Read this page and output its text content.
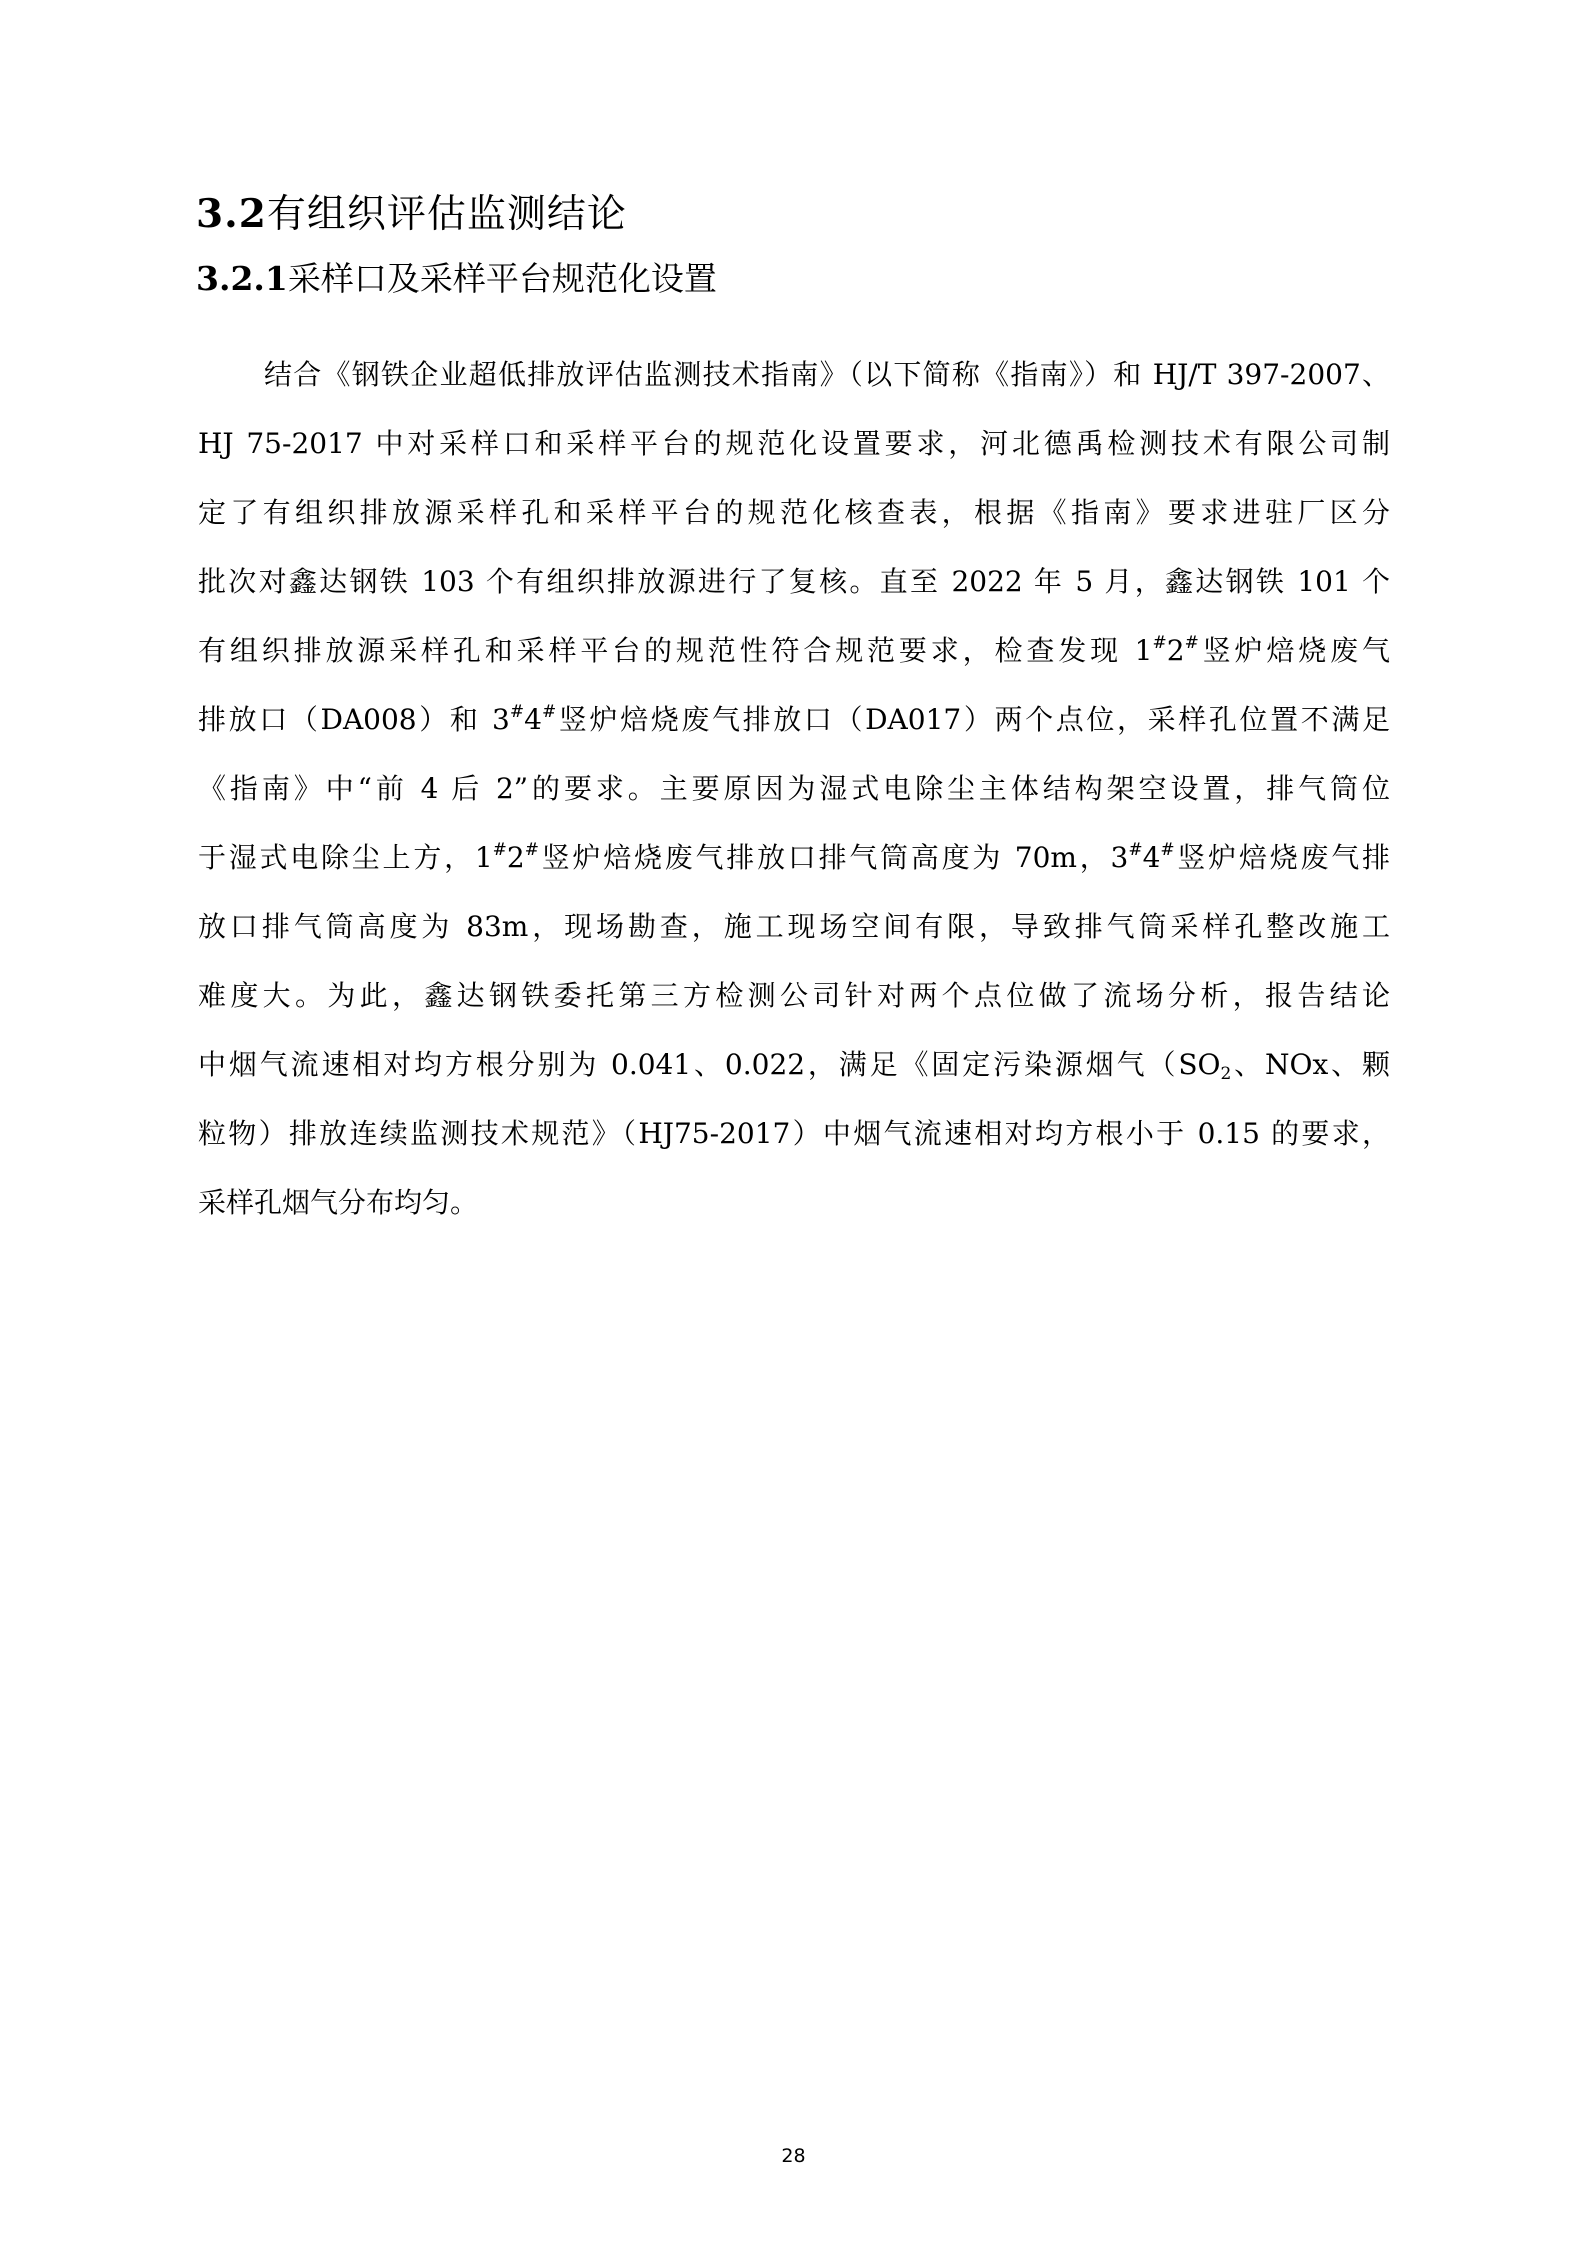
3.2有组织评估监测结论
3.2.1采样口及采样平台规范化设置
结合《钢铁企业超低排放评估监测技术指南》（以下简称《指南》）和 HJ/T 397-2007、
HJ 75-2017 中对采样口和采样平台的规范化设置要求，河北德禹检测技术有限公司制
定了有组织排放源采样孔和采样平台的规范化核查表，根据《指南》要求进驻厂区分
批次对鑫达钢铁 103 个有组织排放源进行了复核。直至 2022 年 5 月，鑫达钢铁 101 个
有组织排放源采样孔和采样平台的规范性符合规范要求，检查发现 1#2#竖炉焙烧废气
排放口（DA008）和 3#4#竖炉焙烧废气排放口（DA017）两个点位，采样孔位置不满足
《指南》中“前 4 后 2”的要求。主要原因为湿式电除尘主体结构架空设置，排气筒位
于湿式电除尘上方，1#2#竖炉焙烧废气排放口排气筒高度为 70m，3#4#竖炉焙烧废气排
放口排气筒高度为 83m，现场勘查，施工现场空间有限，导致排气筒采样孔整改施工
难度大。为此，鑫达钢铁委托第三方检测公司针对两个点位做了流场分析，报告结论
中烟气流速相对均方根分别为 0.041、0.022，满足《固定污染源烟气（$SO_2$、NOx、颗
粒物）排放连续监测技术规范》（HJ75-2017）中烟气流速相对均方根小于 0.15 的要求，
采样孔烟气分布均匀。
28
